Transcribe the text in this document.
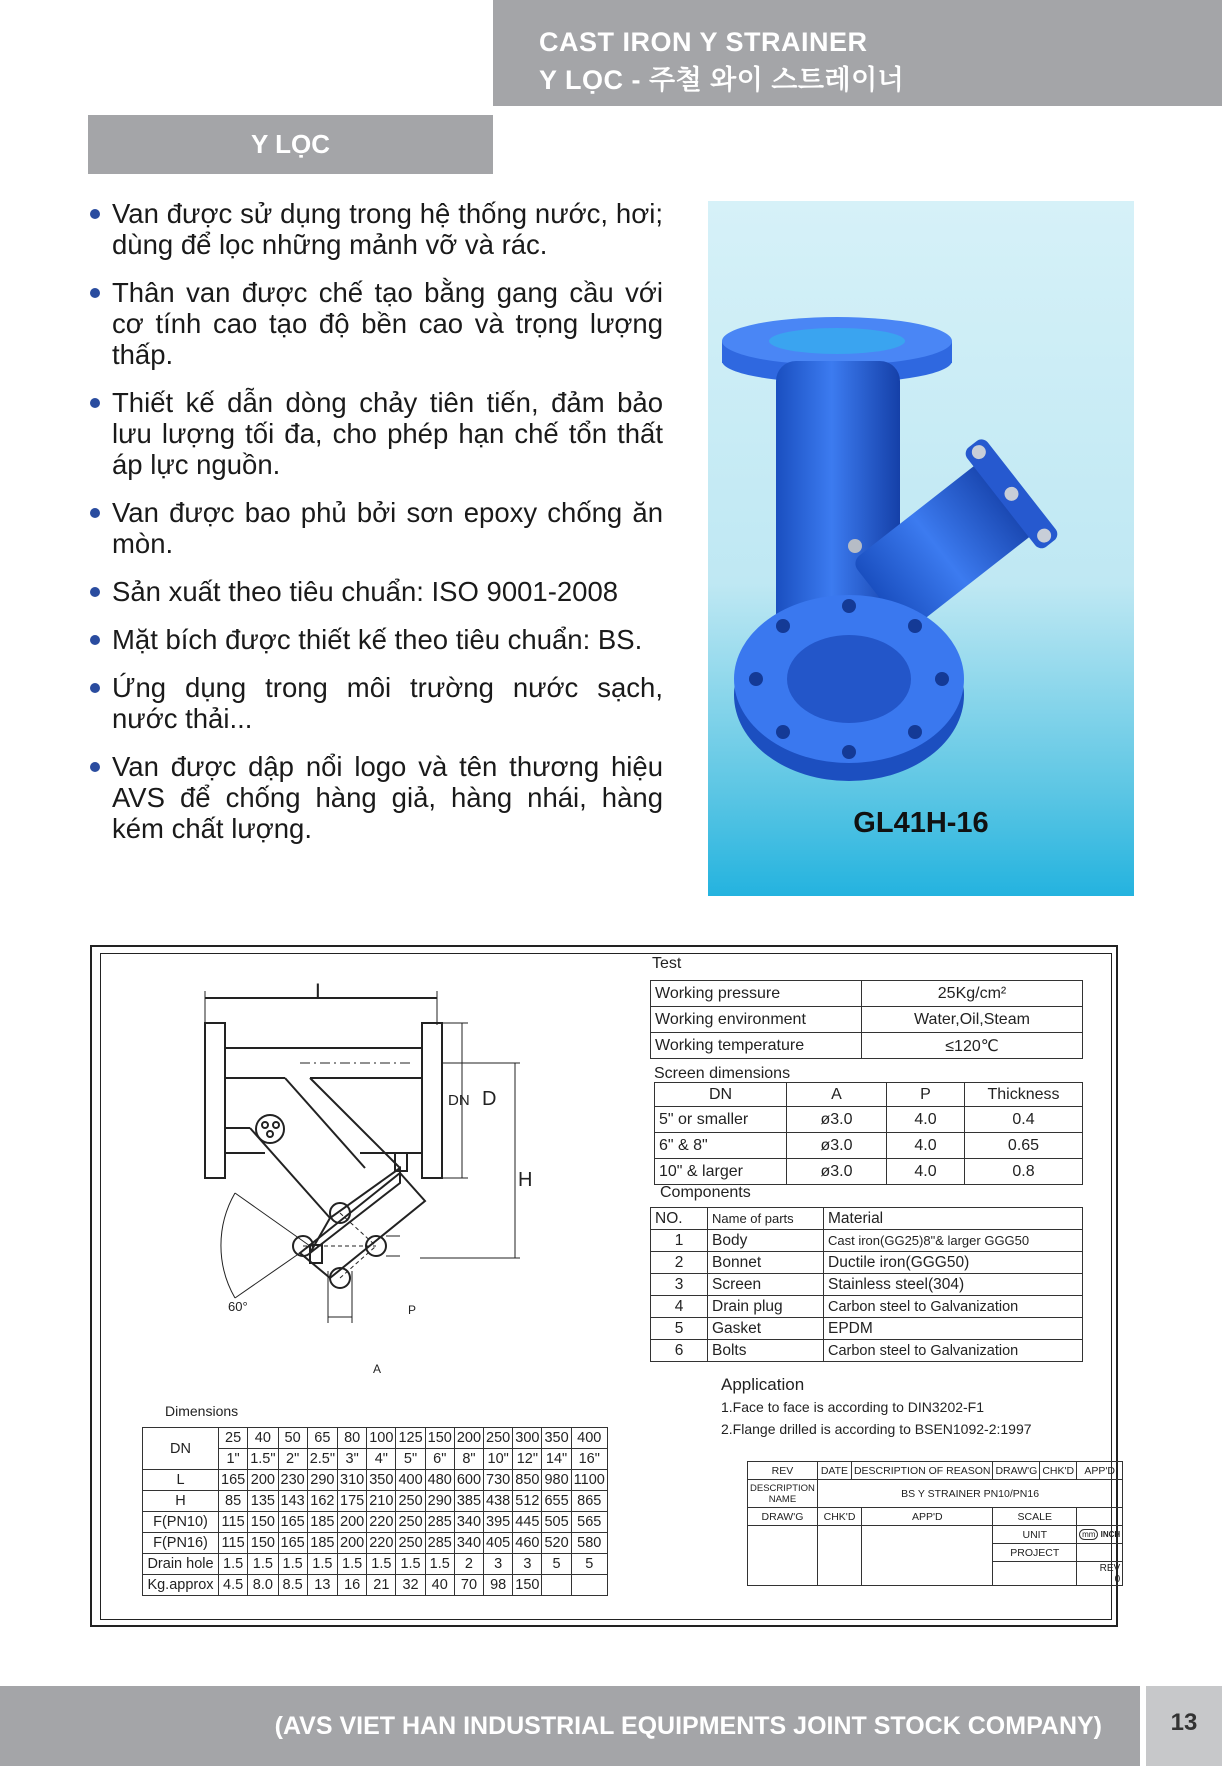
CAST IRON Y STRAINER
Y LỌC - 주철 와이 스트레이너
Y LỌC
Van được sử dụng trong hệ thống nước, hơi; dùng để lọc những mảnh vỡ và rác.
Thân van được chế tạo bằng gang cầu với cơ tính cao tạo độ bền cao và trọng lượng thấp.
Thiết kế dẫn dòng chảy tiên tiến, đảm bảo lưu lượng tối đa, cho phép hạn chế tổn thất áp lực nguồn.
Van được bao phủ bởi sơn epoxy chống ăn mòn.
Sản xuất theo tiêu chuẩn: ISO 9001-2008
Mặt bích được thiết kế theo tiêu chuẩn: BS.
Ứng dụng trong môi trường nước sạch, nước thải...
Van được dập nổi logo và tên thương hiệu AVS để chống hàng giả, hàng nhái, hàng kém chất lượng.	GL41H-16
L
DN D
H
60°	P
A
Test
Working pressure	25Kg/cm²
Working environment	Water,Oil,Steam
Working temperature	≤120℃
Screen dimensions
DN	A	P	Thickness
5" or smaller	ø3.0	4.0	0.4
6" & 8"	ø3.0	4.0	0.65
10" & larger	ø3.0	4.0	0.8
Components
NO.	Name of parts	Material
1	Body	Cast iron(GG25)8"& larger GGG50
2	Bonnet	Ductile iron(GGG50)
3	Screen	Stainless steel(304)
4	Drain plug	Carbon steel to Galvanization
5	Gasket	EPDM
6	Bolts	Carbon steel to Galvanization
Application
1.Face to face is according to DIN3202-F1
2.Flange drilled is according to BSEN1092-2:1997
Dimensions
DN	25	40	50	65	80	100	125	150	200	250	300	350	400
	1"	1.5"	2"	2.5"	3"	4"	5"	6"	8"	10"	12"	14"	16"
L	165	200	230	290	310	350	400	480	600	730	850	980	1100
H	85	135	143	162	175	210	250	290	385	438	512	655	865
F(PN10)	115	150	165	185	200	220	250	285	340	395	445	505	565
F(PN16)	115	150	165	185	200	220	250	285	340	405	460	520	580
Drain hole	1.5	1.5	1.5	1.5	1.5	1.5	1.5	1.5	2	3	3	5	5
Kg.approx	4.5	8.0	8.5	13	16	21	32	40	70	98	150		
REV	DATE	DESCRIPTION OF REASON		DRAW'G	CHK'D	APP'D
DESCRIPTION NAME	BS Y STRAINER PN10/PN16					
DRAW'G	CHK'D		APP'D	SCALE		
				UNIT		mm INCH
				PROJECT		
						REV
0
(AVS VIET HAN INDUSTRIAL EQUIPMENTS JOINT STOCK COMPANY)	13
